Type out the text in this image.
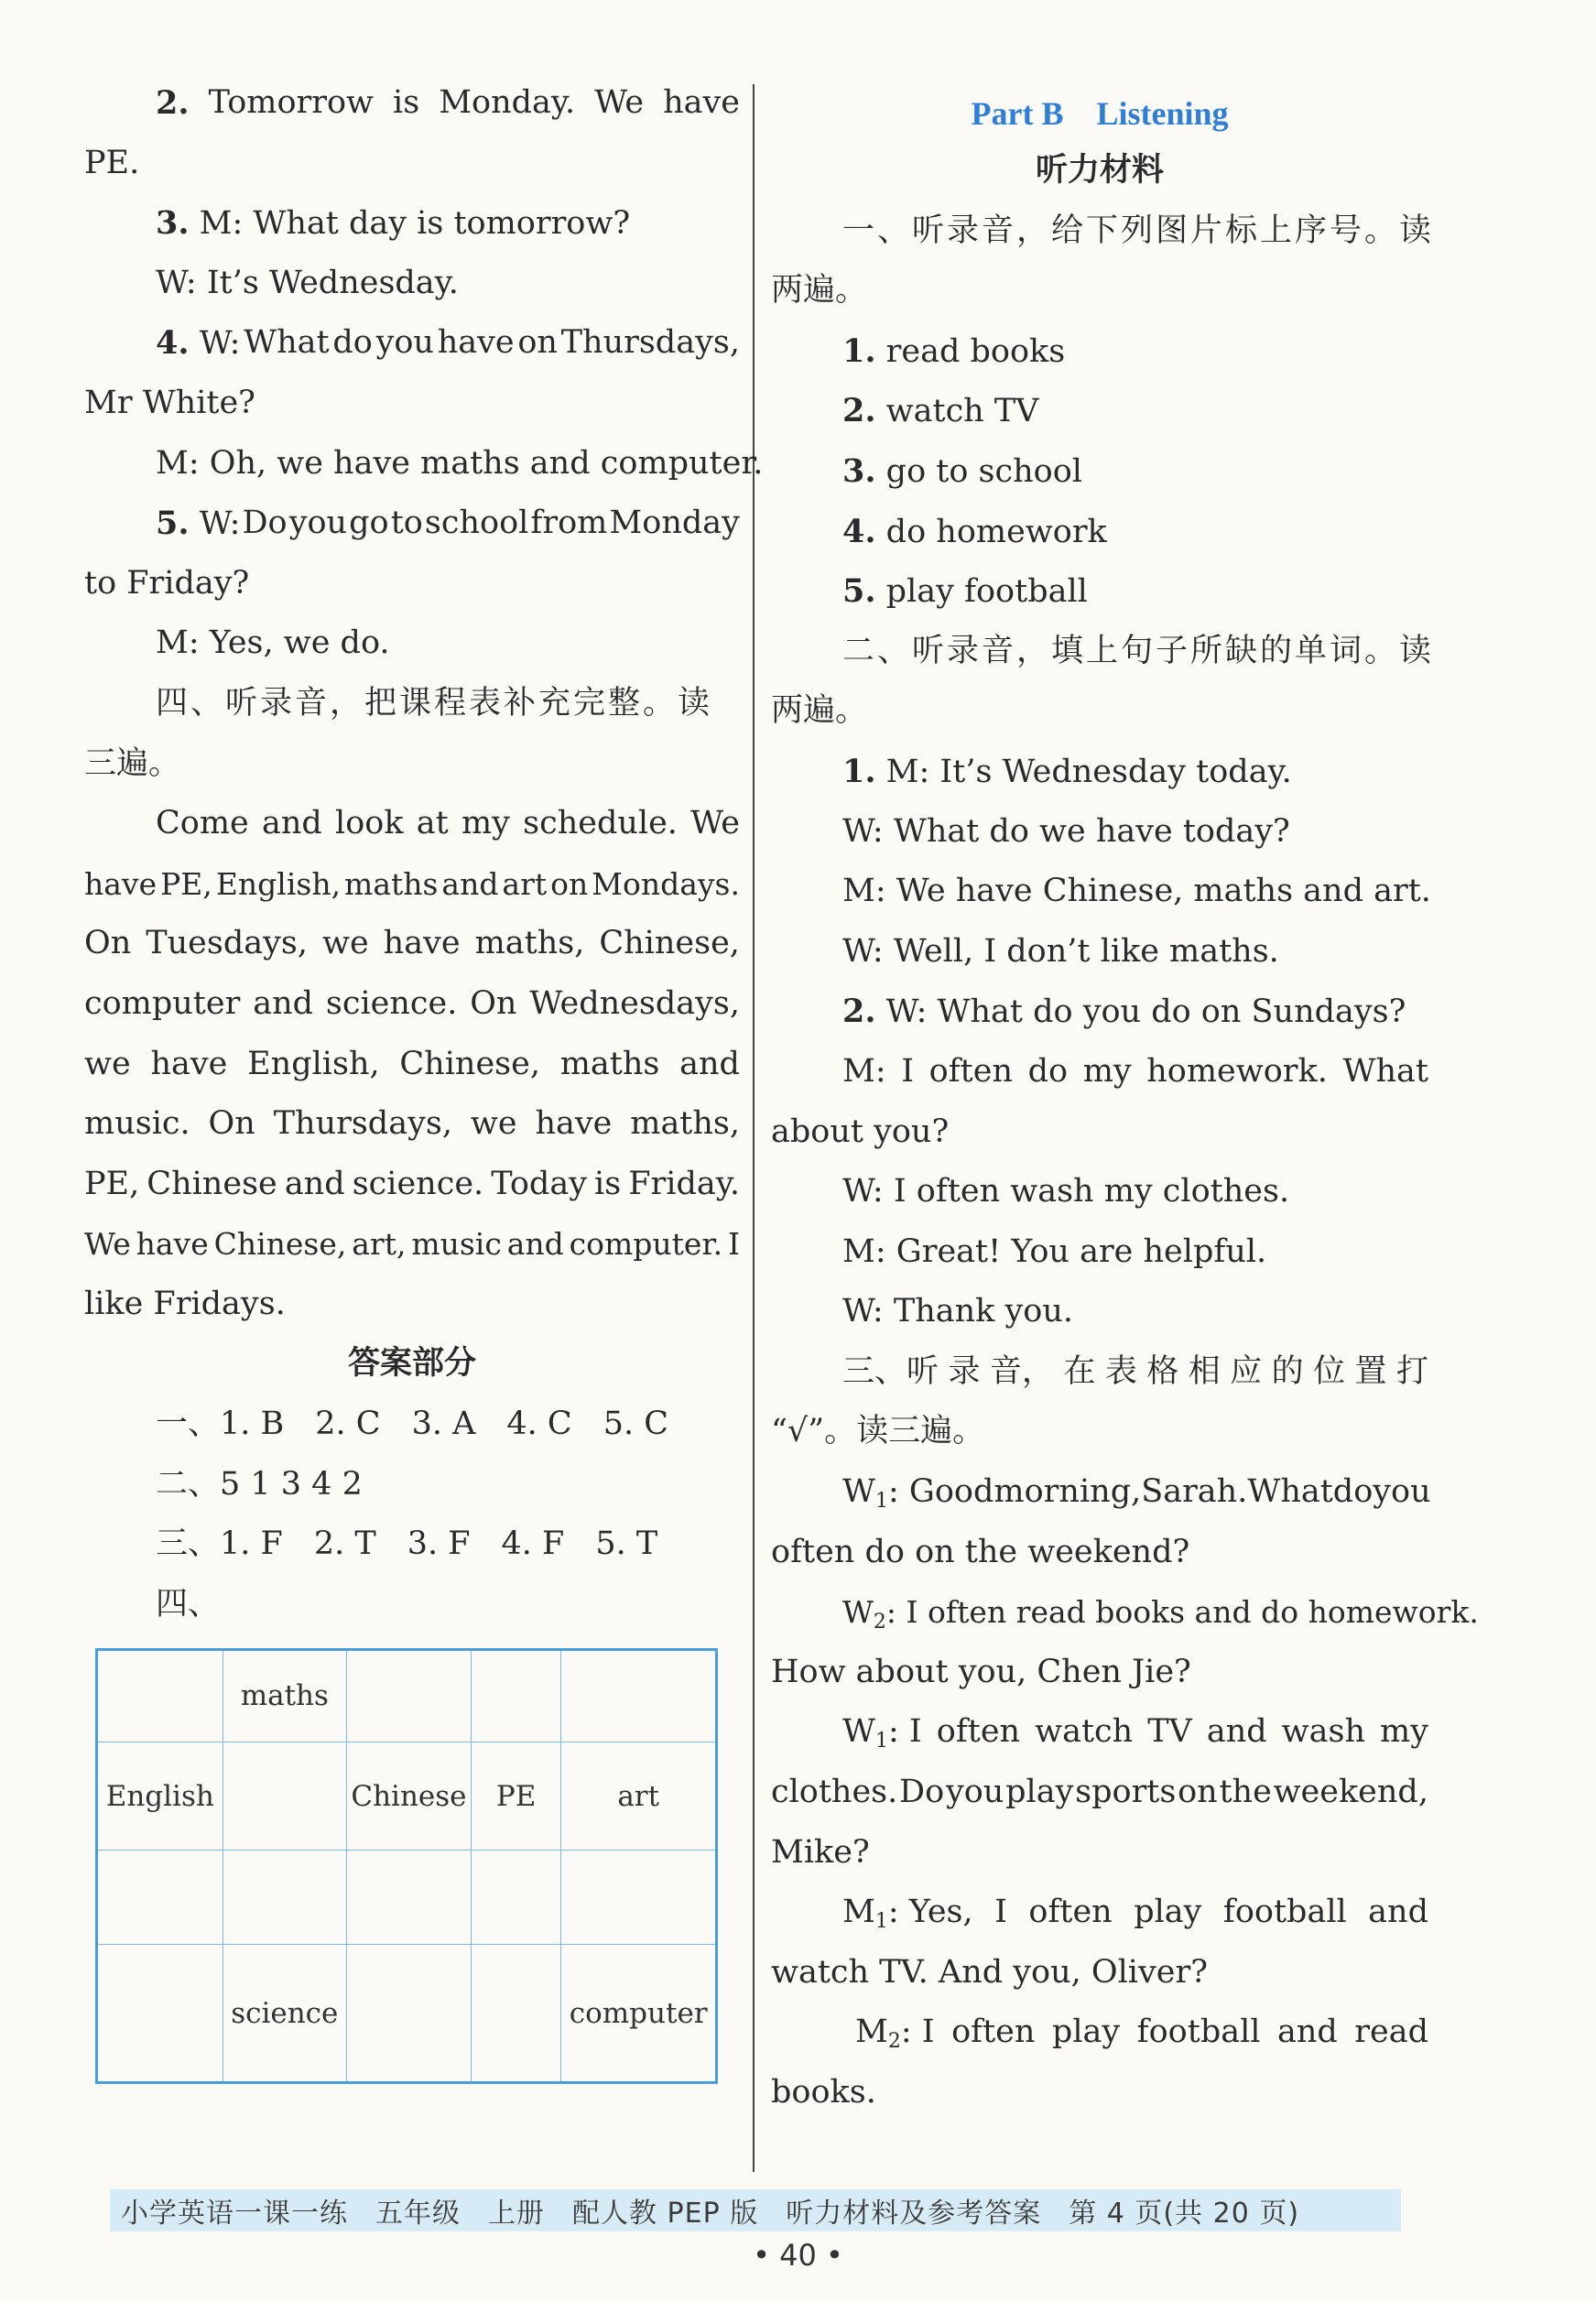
2. Tomorrow is Monday. We have
PE.
3. M: What day is tomorrow?
W: It’s Wednesday.
4. W: What do you have on Thursdays,
Mr White?
M: Oh, we have maths and computer.
5. W: Do you go to school from Monday
to Friday?
M: Yes, we do.
四、听录音，把课程表补充完整。读
三遍。
Come and look at my schedule. We
have PE, English, maths and art on Mondays.
On Tuesdays, we have maths, Chinese,
computer and science. On Wednesdays,
we have English, Chinese, maths and
music. On Thursdays, we have maths,
PE, Chinese and science. Today is Friday.
We have Chinese, art, music and computer. I
like Fridays.
答案部分
一、1. B 2. C 3. A 4. C 5. C
二、5 1 3 4 2
三、1. F 2. T 3. F 4. F 5. T
四、
	maths			
English		Chinese	PE	art

	science			computer
Part B Listening
听力材料
一、听录音，给下列图片标上序号。读
两遍。
1. read books
2. watch TV
3. go to school
4. do homework
5. play football
二、听录音，填上句子所缺的单词。读
两遍。
1. M: It’s Wednesday today.
W: What do we have today?
M: We have Chinese, maths and art.
W: Well, I don’t like maths.
2. W: What do you do on Sundays?
M: I often do my homework. What
about you?
W: I often wash my clothes.
M: Great! You are helpful.
W: Thank you.
三、听 录 音， 在 表 格 相 应 的 位 置 打
“√”。读三遍。
$W_1$: Good morning, Sarah. What do you
often do on the weekend?
$W_2$: I often read books and do homework.
How about you, Chen Jie?
$W_1$: I often watch TV and wash my
clothes. Do you play sports on the weekend,
Mike?
$M_1$: Yes, I often play football and
watch TV. And you, Oliver?
$M_2$: I often play football and read
books.
小学英语一课一练 五年级 上册 配人教 PEP 版 听力材料及参考答案 第 4 页(共 20 页)
• 40 •
